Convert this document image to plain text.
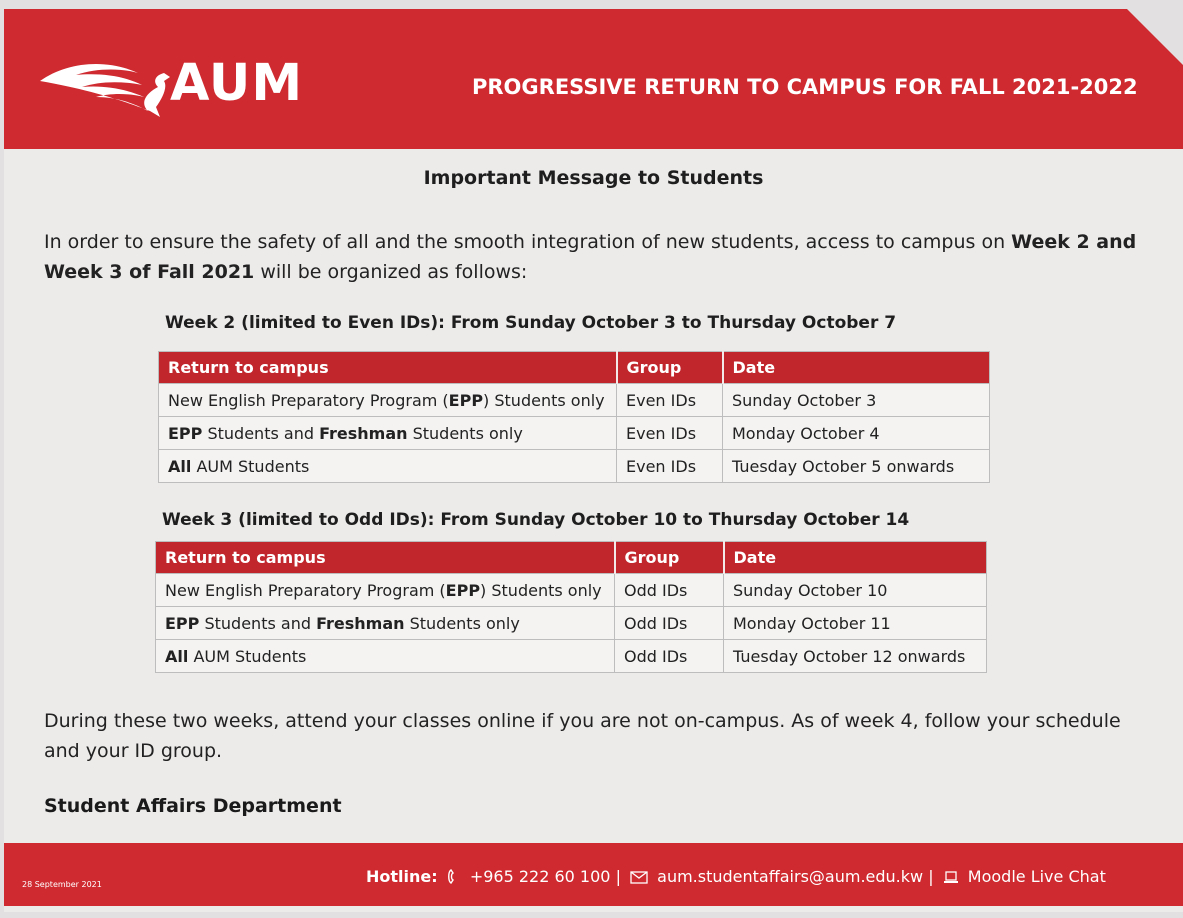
AUM	PROGRESSIVE RETURN TO CAMPUS FOR FALL 2021-2022
Important Message to Students
In order to ensure the safety of all and the smooth integration of new students, access to campus on Week 2 and Week 3 of Fall 2021 will be organized as follows:
Week 2 (limited to Even IDs): From Sunday October 3 to Thursday October 7
Return to campus	Group	Date
New English Preparatory Program (EPP) Students only	Even IDs	Sunday October 3
EPP Students and Freshman Students only	Even IDs	Monday October 4
All AUM Students	Even IDs	Tuesday October 5 onwards
Week 3 (limited to Odd IDs): From Sunday October 10 to Thursday October 14
Return to campus	Group	Date
New English Preparatory Program (EPP) Students only	Odd IDs	Sunday October 10
EPP Students and Freshman Students only	Odd IDs	Monday October 11
All AUM Students	Odd IDs	Tuesday October 12 onwards
During these two weeks, attend your classes online if you are not on-campus. As of week 4, follow your schedule and your ID group.
Student Affairs Department
28 September 2021	Hotline: +965 222 60 100 | aum.studentaffairs@aum.edu.kw | Moodle Live Chat
